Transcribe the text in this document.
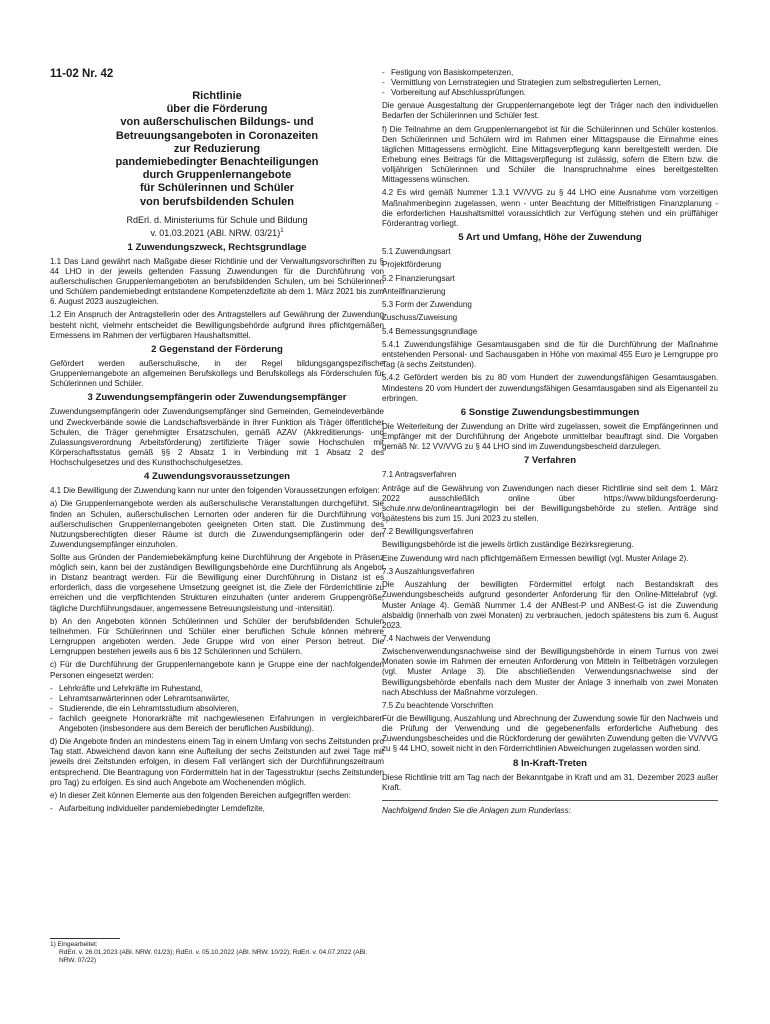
11-02 Nr. 42
Richtlinie
über die Förderung
von außerschulischen Bildungs- und
Betreuungsangeboten in Coronazeiten
zur Reduzierung
pandemiebedingter Benachteiligungen
durch Gruppenlernangebote
für Schülerinnen und Schüler
von berufsbildenden Schulen
RdErl. d. Ministeriums für Schule und Bildung
v. 01.03.2021 (ABl. NRW. 03/21)$^1$
1 Zuwendungszweck, Rechtsgrundlage

1.1 Das Land gewährt nach Maßgabe dieser Richtlinie und der Verwaltungsvorschriften zu § 44 LHO in der jeweils geltenden Fassung Zuwendungen für die Durchführung von außerschulischen Gruppenlernangeboten an berufsbildenden Schulen, um bei Schülerinnen und Schülern pandemiebedingt entstandene Kompetenzdefizite ab dem 1. März 2021 bis zum 6. August 2023 auszugleichen.

1.2 Ein Anspruch der Antragstellerin oder des Antragstellers auf Gewährung der Zuwendung besteht nicht, vielmehr entscheidet die Bewilligungsbehörde aufgrund ihres pflichtgemäßen Ermessens im Rahmen der verfügbaren Haushaltsmittel.

2 Gegenstand der Förderung

Gefördert werden außerschulische, in der Regel bildungsgangspezifische Gruppenlernangebote an allgemeinen Berufskollegs und Berufskollegs als Förderschulen für Schülerinnen und Schüler.

3 Zuwendungsempfängerin oder Zuwendungsempfänger

Zuwendungsempfängerin oder Zuwendungsempfänger sind Gemeinden, Gemeindeverbände und Zweckverbände sowie die Landschaftsverbände in ihrer Funktion als Träger öffentlicher Schulen, die Träger genehmigter Ersatzschulen, gemäß AZAV (Akkreditierungs- und Zulassungsverordnung Arbeitsförderung) zertifizierte Träger sowie Hochschulen mit Körperschaftsstatus gemäß §§ 2 Absatz 1 in Verbindung mit 1 Absatz 2 des Hochschulgesetzes und des Kunsthochschulgesetzes.

4 Zuwendungsvoraussetzungen

4.1 Die Bewilligung der Zuwendung kann nur unter den folgenden Voraussetzungen erfolgen:

a) Die Gruppenlernangebote werden als außerschulische Veranstaltungen durchgeführt. Sie finden an Schulen, außerschulischen Lernorten oder anderen für die Durchführung von außerschulischen Gruppenlernangeboten geeigneten Orten statt. Die Zustimmung des Nutzungsberechtigten dieser Räume ist durch die Zuwendungsempfängerin oder den Zuwendungsempfänger einzuholen.

Sollte aus Gründen der Pandemiebekämpfung keine Durchführung der Angebote in Präsenz möglich sein, kann bei der zuständigen Bewilligungsbehörde eine Durchführung als Angebot in Distanz beantragt werden. Für die Bewilligung einer Durchführung in Distanz ist es erforderlich, dass die vorgesehene Umsetzung geeignet ist, die Ziele der Förderrichtlinie zu erreichen und die verpflichtenden Strukturen einzuhalten (unter anderem Gruppengröße, tägliche Durchführungsdauer, angemessene Betreuungsleistung und -intensität).

b) An den Angeboten können Schülerinnen und Schüler der berufsbildenden Schulen teilnehmen. Für Schülerinnen und Schüler einer beruflichen Schule können mehrere Lerngruppen angeboten werden. Jede Gruppe wird von einer Person betreut. Die Lerngruppen bestehen jeweils aus 6 bis 12 Schülerinnen und Schülern.

c) Für die Durchführung der Gruppenlernangebote kann je Gruppe eine der nachfolgenden Personen eingesetzt werden:

- Lehrkräfte und Lehrkräfte im Ruhestand,
- Lehramtsanwärterinnen oder Lehramtsanwärter,
- Studierende, die ein Lehramtsstudium absolvieren,
- fachlich geeignete Honorarkräfte mit nachgewiesenen Erfahrungen in vergleichbaren Angeboten (insbesondere aus dem Bereich der beruflichen Ausbildung).

d) Die Angebote finden an mindestens einem Tag in einem Umfang von sechs Zeitstunden pro Tag statt. Abweichend davon kann eine Aufteilung der sechs Zeitstunden auf zwei Tage mit jeweils drei Zeitstunden erfolgen, in diesem Fall verlängert sich der Durchführungszeitraum entsprechend. Die Beantragung von Fördermitteln hat in der Tagesstruktur (sechs Zeitstunden pro Tag) zu erfolgen. Es sind auch Angebote am Wochenenden möglich.

e) In dieser Zeit können Elemente aus den folgenden Bereichen aufgegriffen werden:

- Aufarbeitung individueller pandemiebedingter Lerndefizite,

1) Eingearbeitet:

RdErl. v. 26.01.2023 (ABl. NRW. 01/23); RdErl. v. 05.10.2022 (ABl. NRW. 10/22); RdErl. v. 04.07.2022 (ABl. NRW. 07/22)

- Festigung von Basiskompetenzen,
- Vermittlung von Lernstrategien und Strategien zum selbstregulierten Lernen,
- Vorbereitung auf Abschlussprüfungen.

Die genaue Ausgestaltung der Gruppenlernangebote legt der Träger nach den individuellen Bedarfen der Schülerinnen und Schüler fest.

f) Die Teilnahme an dem Gruppenlernangebot ist für die Schülerinnen und Schüler kostenlos. Den Schülerinnen und Schülern wird im Rahmen einer Mittagspause die Einnahme eines täglichen Mittagessens ermöglicht. Eine Mittagsverpflegung kann bereitgestellt werden. Die Erhebung eines Beitrags für die Mittagsverpflegung ist zulässig, sofern die Eltern bzw. die volljährigen Schülerinnen und Schüler die Inanspruchnahme eines bereitgestellten Mittagessens wünschen.

4.2 Es wird gemäß Nummer 1.3.1 VV/VVG zu § 44 LHO eine Ausnahme vom vorzeitigen Maßnahmenbeginn zugelassen, wenn - unter Beachtung der Mittelfristigen Finanzplanung - die erforderlichen Haushaltsmittel voraussichtlich zur Verfügung stehen und ein prüffähiger Förderantrag vorliegt.

5 Art und Umfang, Höhe der Zuwendung

5.1 Zuwendungsart

Projektförderung

5.2 Finanzierungsart

Anteilfinanzierung

5.3 Form der Zuwendung

Zuschuss/Zuweisung

5.4 Bemessungsgrundlage

5.4.1 Zuwendungsfähige Gesamtausgaben sind die für die Durchführung der Maßnahme entstehenden Personal- und Sachausgaben in Höhe von maximal 455 Euro je Lerngruppe pro Tag (à sechs Zeitstunden).

5.4.2 Gefördert werden bis zu 80 vom Hundert der zuwendungsfähigen Gesamtausgaben. Mindestens 20 vom Hundert der zuwendungsfähigen Gesamtausgaben sind als Eigenanteil zu erbringen.

6 Sonstige Zuwendungsbestimmungen

Die Weiterleitung der Zuwendung an Dritte wird zugelassen, soweit die Empfängerinnen und Empfänger mit der Durchführung der Angebote unmittelbar beauftragt sind. Die Vorgaben gemäß Nr. 12 VV/VVG zu § 44 LHO sind im Zuwendungsbescheid darzulegen.

7 Verfahren

7.1 Antragsverfahren

Anträge auf die Gewährung von Zuwendungen nach dieser Richtlinie sind seit dem 1. März 2022 ausschließlich online über https://www.bildungsfoerderung-schule.nrw.de/onlineantrag#login bei der Bewilligungsbehörde zu stellen. Anträge sind spätestens bis zum 15. Juni 2023 zu stellen.

7.2 Bewilligungsverfahren

Bewilligungsbehörde ist die jeweils örtlich zuständige Bezirksregierung.

Eine Zuwendung wird nach pflichtgemäßem Ermessen bewilligt (vgl. Muster Anlage 2).

7.3 Auszahlungsverfahren

Die Auszahlung der bewilligten Fördermittel erfolgt nach Bestandskraft des Zuwendungsbescheids aufgrund gesonderter Anforderung für den Online-Mittelabruf (vgl. Muster Anlage 4). Gemäß Nummer 1.4 der ANBest-P und ANBest-G ist die Zuwendung alsbaldig (innerhalb von zwei Monaten) zu verbrauchen, jedoch spätestens bis zum 6. August 2023.

7.4 Nachweis der Verwendung

Zwischenverwendungsnachweise sind der Bewilligungsbehörde in einem Turnus von zwei Monaten sowie im Rahmen der erneuten Anforderung von Mitteln in Teilbeträgen vorzulegen (vgl. Muster Anlage 3). Die abschließenden Verwendungsnachweise sind der Bewilligungsbehörde ebenfalls nach dem Muster der Anlage 3 innerhalb von zwei Monaten nach Abschluss der Maßnahme vorzulegen.

7.5 Zu beachtende Vorschriften

Für die Bewilligung, Auszahlung und Abrechnung der Zuwendung sowie für den Nachweis und die Prüfung der Verwendung und die gegebenenfalls erforderliche Aufhebung des Zuwendungsbescheides und die Rückforderung der gewährten Zuwendung gelten die VV/VVG zu § 44 LHO, soweit nicht in den Förderrichtlinien Abweichungen zugelassen worden sind.

8 In-Kraft-Treten

Diese Richtlinie tritt am Tag nach der Bekanntgabe in Kraft und am 31. Dezember 2023 außer Kraft.

Nachfolgend finden Sie die Anlagen zum Runderlass:
